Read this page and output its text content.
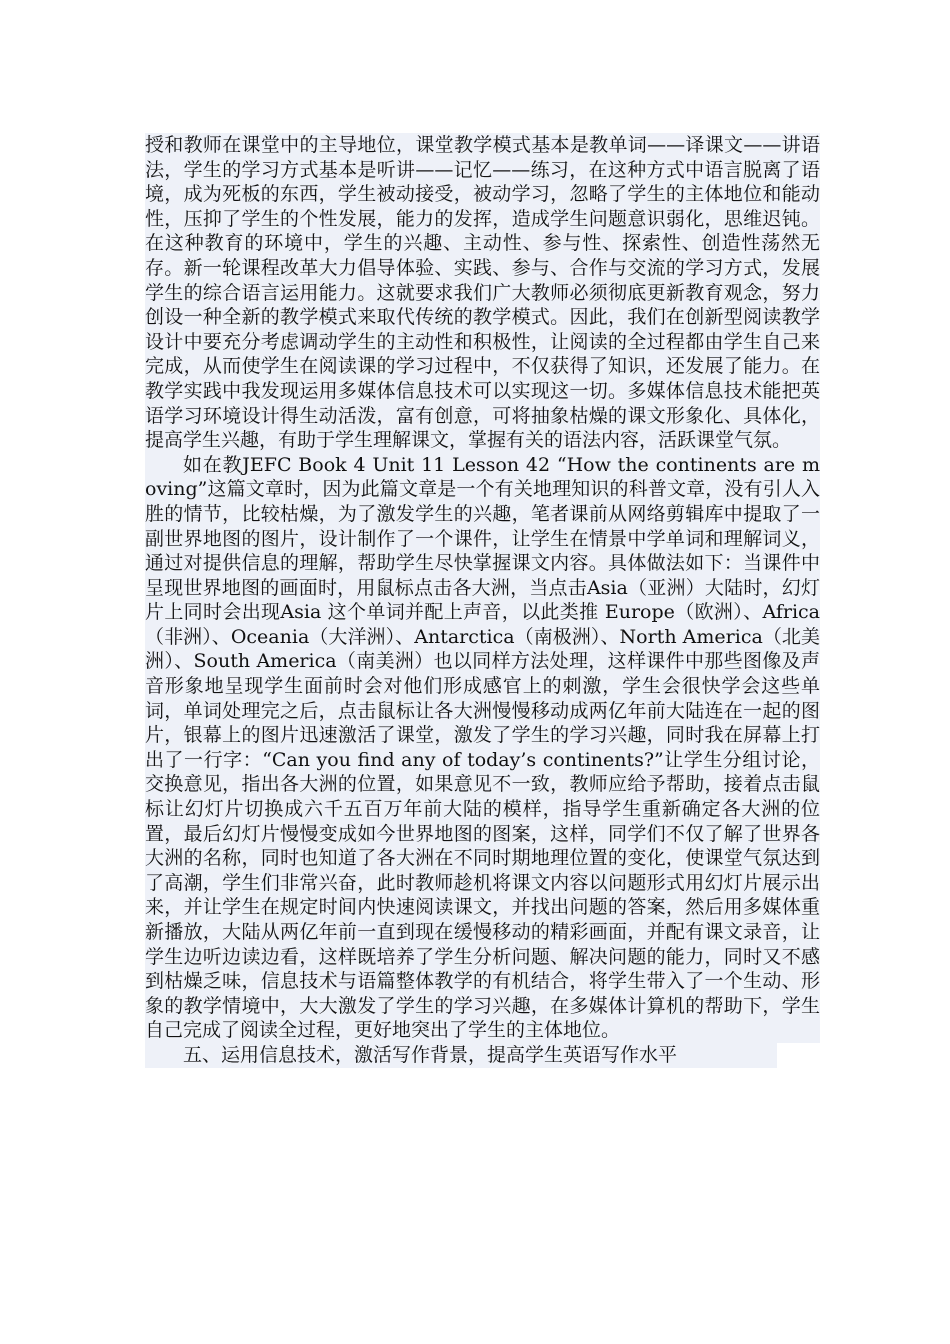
授和教师在课堂中的主导地位，课堂教学模式基本是教单词——译课文——讲语法，学生的学习方式基本是听讲——记忆——练习，在这种方式中语言脱离了语境，成为死板的东西，学生被动接受，被动学习，忽略了学生的主体地位和能动性，压抑了学生的个性发展，能力的发挥，造成学生问题意识弱化，思维迟钝。在这种教育的环境中，学生的兴趣、主动性、参与性、探索性、创造性荡然无存。新一轮课程改革大力倡导体验、实践、参与、合作与交流的学习方式，发展学生的综合语言运用能力。这就要求我们广大教师必须彻底更新教育观念，努力创设一种全新的教学模式来取代传统的教学模式。因此，我们在创新型阅读教学设计中要充分考虑调动学生的主动性和积极性，让阅读的全过程都由学生自己来完成，从而使学生在阅读课的学习过程中，不仅获得了知识，还发展了能力。在教学实践中我发现运用多媒体信息技术可以实现这一切。多媒体信息技术能把英语学习环境设计得生动活泼，富有创意，可将抽象枯燥的课文形象化、具体化，提高学生兴趣，有助于学生理解课文，掌握有关的语法内容，活跃课堂气氛。

如在教JEFC Book 4 Unit 11 Lesson 42 “How the continents are moving”这篇文章时，因为此篇文章是一个有关地理知识的科普文章，没有引人入胜的情节，比较枯燥，为了激发学生的兴趣，笔者课前从网络剪辑库中提取了一副世界地图的图片，设计制作了一个课件，让学生在情景中学单词和理解词义，通过对提供信息的理解，帮助学生尽快掌握课文内容。具体做法如下：当课件中呈现世界地图的画面时，用鼠标点击各大洲，当点击Asia（亚洲）大陆时，幻灯片上同时会出现Asia 这个单词并配上声音，以此类推 Europe（欧洲）、Africa（非洲）、Oceania（大洋洲）、Antarctica（南极洲）、North America（北美洲）、South America（南美洲）也以同样方法处理，这样课件中那些图像及声音形象地呈现学生面前时会对他们形成感官上的刺激，学生会很快学会这些单词，单词处理完之后，点击鼠标让各大洲慢慢移动成两亿年前大陆连在一起的图片，银幕上的图片迅速激活了课堂，激发了学生的学习兴趣，同时我在屏幕上打出了一行字：“Can you find any of today’s continents?”让学生分组讨论，交换意见，指出各大洲的位置，如果意见不一致，教师应给予帮助，接着点击鼠标让幻灯片切换成六千五百万年前大陆的模样，指导学生重新确定各大洲的位置，最后幻灯片慢慢变成如今世界地图的图案，这样，同学们不仅了解了世界各大洲的名称，同时也知道了各大洲在不同时期地理位置的变化，使课堂气氛达到了高潮，学生们非常兴奋，此时教师趁机将课文内容以问题形式用幻灯片展示出来，并让学生在规定时间内快速阅读课文，并找出问题的答案，然后用多媒体重新播放，大陆从两亿年前一直到现在缓慢移动的精彩画面，并配有课文录音，让学生边听边读边看，这样既培养了学生分析问题、解决问题的能力，同时又不感到枯燥乏味，信息技术与语篇整体教学的有机结合，将学生带入了一个生动、形象的教学情境中，大大激发了学生的学习兴趣，在多媒体计算机的帮助下，学生自己完成了阅读全过程，更好地突出了学生的主体地位。

五、运用信息技术，激活写作背景，提高学生英语写作水平
